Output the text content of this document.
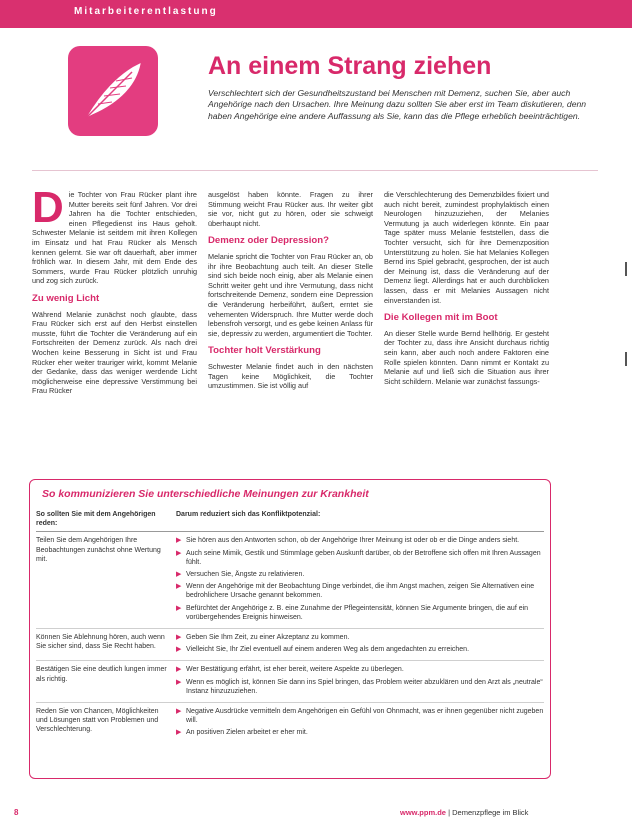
Mitarbeiterentlastung
An einem Strang ziehen

Verschlechtert sich der Gesundheitszustand bei Menschen mit Demenz, suchen Sie, aber auch Angehörige nach den Ursachen. Ihre Meinung dazu sollten Sie aber erst im Team diskutieren, denn haben Angehörige eine andere Auffassung als Sie, kann das die Pflege erheblich beeinträchtigen.

Die Tochter von Frau Rücker plant ihre Mutter bereits seit fünf Jahren. Vor drei Jahren ha die Tochter entschieden, einen Pflegedienst ins Haus geholt. Schwester Melanie ist seitdem mit ihren Kollegen im Einsatz und hat Frau Rücker als Mensch kennen gelernt. Sie war oft dauerhaft, aber immer fröhlich war. In diesem Jahr, mit dem Ende des Sommers, wurde Frau Rücker plötzlich unruhig und zog sich zurück.

Zu wenig Licht

Während Melanie zunächst noch glaubte, dass Frau Rücker sich erst auf den Herbst einstellen musste, führt die Tochter die Veränderung auf ein Fortschreiten der Demenz zurück. Als nach drei Wochen keine Besserung in Sicht ist und Frau Rücker eher weiter trauriger wirkt, kommt Melanie der Gedanke, dass das weniger werdende Licht möglicherweise eine depressive Verstimmung bei Frau Rücker

ausgelöst haben könnte. Fragen zu ihrer Stimmung weicht Frau Rücker aus. Ihr weiter gibt sie vor, nicht gut zu hören, oder sie schweigt überhaupt nicht.

Demenz oder Depression?

Melanie spricht die Tochter von Frau Rücker an, ob ihr ihre Beobachtung auch teilt. An dieser Stelle sind sich beide noch einig, aber als Melanie einen Schritt weiter geht und ihre Vermutung, dass nicht fortschreitende Demenz, sondern eine Depression die Veränderung herbeiführt, äußert, erntet sie vehementen Widerspruch. Ihre Mutter werde doch lebensfroh versorgt, und es gebe keinen Anlass für sie, depressiv zu werden, argumentiert die Tochter.

Tochter holt Verstärkung

Schwester Melanie findet auch in den nächsten Tagen keine Möglichkeit, die Tochter umzustimmen. Sie ist völlig auf

die Verschlechterung des Demenzbildes fixiert und auch nicht bereit, zumindest prophylaktisch einen Neurologen hinzuzuziehen, der Melanies Vermutung ja auch widerlegen könnte. Ein paar Tage später muss Melanie feststellen, dass die Tochter versucht, sich für ihre Demenzposition Unterstützung zu holen. Sie hat Melanies Kollegen Bernd ins Spiel gebracht, gesprochen, der ist auch der Meinung ist, dass die Veränderung auf der Demenz liegt. Allerdings hat er auch durchblicken lassen, dass er mit Melanies Aussagen nicht einverstanden ist.

Die Kollegen mit im Boot

An dieser Stelle wurde Bernd hellhörig. Er gesteht der Tochter zu, dass ihre Ansicht durchaus richtig sein kann, aber auch noch andere Faktoren eine Rolle spielen könnten. Dann nimmt er Kontakt zu Melanie auf und ließ sich die Situation aus ihrer Sicht schildern. Melanie war zunächst fassungs-

So kommunizieren Sie unterschiedliche Meinungen zur Krankheit

So sollten Sie mit dem Angehörigen reden:
Darum reduziert sich das Konfliktpotenzial:
Teilen Sie dem Angehörigen Ihre Beobachtungen zunächst ohne Wertung mit.
▶ Sie hören aus den Antworten schon, ob der Angehörige Ihrer Meinung ist oder ob er die Dinge anders sieht.
▶ Auch seine Mimik, Gestik und Stimmlage geben Auskunft darüber, ob der Betroffene sich offen mit Ihren Aussagen fühlt.
▶ Versuchen Sie, Ängste zu relativieren.
▶ Wenn der Angehörige mit der Beobachtung Dinge verbindet, die ihm Angst machen, zeigen Sie Alternativen eine bedrohlichere Ursache genannt bekommen.
▶ Befürchtet der Angehörige z. B. eine Zunahme der Pflegeintensität, können Sie Argumente bringen, die auf ein vorübergehendes Ereignis hinweisen.
Können Sie Ablehnung hören, auch wenn Sie sicher sind, dass Sie Recht haben.
▶ Geben Sie Ihm Zeit, zu einer Akzeptanz zu kommen.
▶ Vielleicht Sie, Ihr Ziel eventuell auf einem anderen Weg als dem angedachten zu erreichen.
Bestätigen Sie eine deutlich lungen immer als richtig.
▶ Wer Bestätigung erfährt, ist eher bereit, weitere Aspekte zu überlegen.
▶ Wenn es möglich ist, können Sie dann ins Spiel bringen, das Problem weiter abzuklären und den Arzt als „neutrale“ Instanz hinzuzuziehen.
Reden Sie von Chancen, Möglichkeiten und Lösungen statt von Problemen und Verschlechterung.
▶ Negative Ausdrücke vermitteln dem Angehörigen ein Gefühl von Ohnmacht, was er ihnen gegenüber nicht zugeben will.
▶ An positiven Zielen arbeitet er eher mit.
8	www.ppm.de | Demenzpflege im Blick
